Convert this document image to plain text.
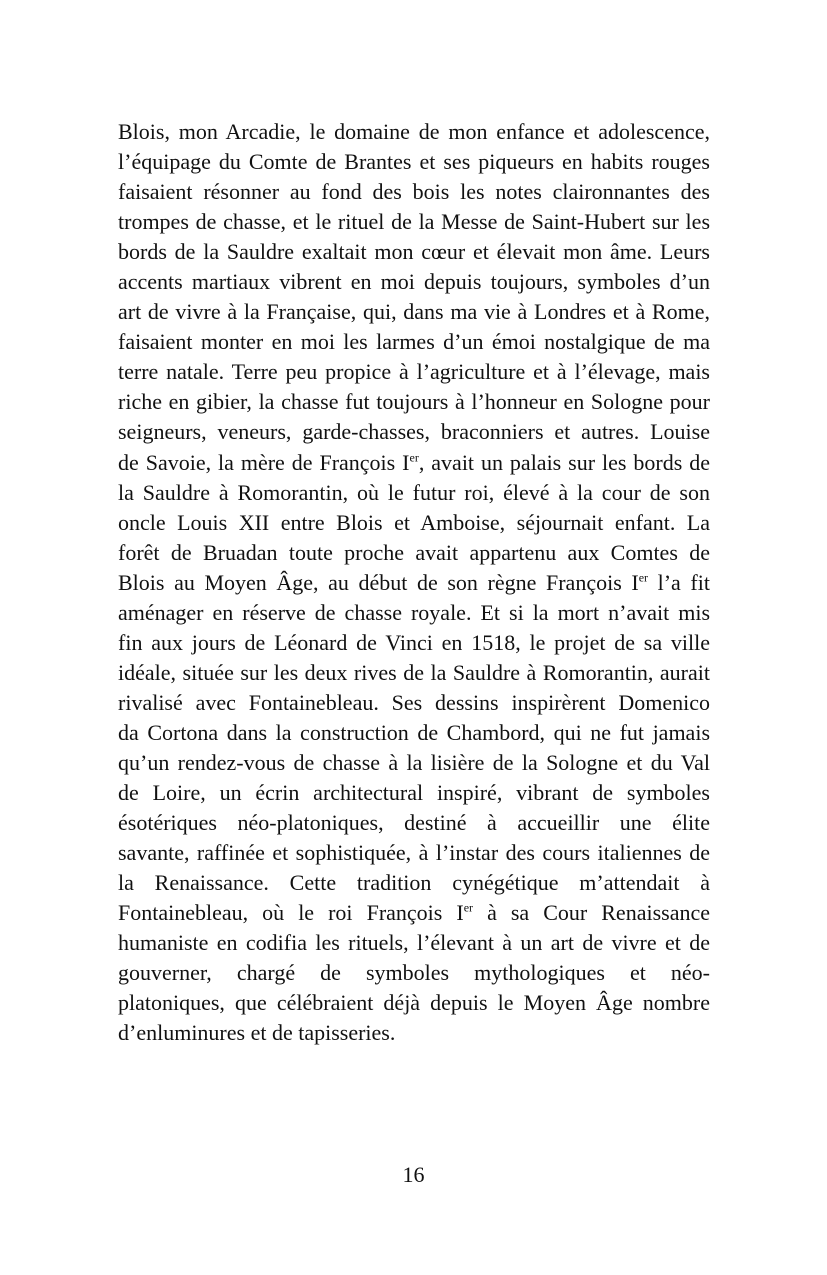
Blois, mon Arcadie, le domaine de mon enfance et adolescence,
l’équipage du Comte de Brantes et ses piqueurs en habits rouges
faisaient résonner au fond des bois les notes claironnantes des
trompes de chasse, et le rituel de la Messe de Saint-Hubert sur les
bords de la Sauldre exaltait mon cœur et élevait mon âme. Leurs
accents martiaux vibrent en moi depuis toujours, symboles d’un
art de vivre à la Française, qui, dans ma vie à Londres et à Rome,
faisaient monter en moi les larmes d’un émoi nostalgique de ma
terre natale. Terre peu propice à l’agriculture et à l’élevage, mais
riche en gibier, la chasse fut toujours à l’honneur en Sologne pour
seigneurs, veneurs, garde-chasses, braconniers et autres. Louise
de Savoie, la mère de François Ier, avait un palais sur les bords de
la Sauldre à Romorantin, où le futur roi, élevé à la cour de son
oncle Louis XII entre Blois et Amboise, séjournait enfant. La
forêt de Bruadan toute proche avait appartenu aux Comtes de
Blois au Moyen Âge, au début de son règne François Ier l’a fit
aménager en réserve de chasse royale. Et si la mort n’avait mis
fin aux jours de Léonard de Vinci en 1518, le projet de sa ville
idéale, située sur les deux rives de la Sauldre à Romorantin, aurait
rivalisé avec Fontainebleau. Ses dessins inspirèrent Domenico
da Cortona dans la construction de Chambord, qui ne fut jamais
qu’un rendez-vous de chasse à la lisière de la Sologne et du Val
de Loire, un écrin architectural inspiré, vibrant de symboles
ésotériques néo-platoniques, destiné à accueillir une élite
savante, raffinée et sophistiquée, à l’instar des cours italiennes de
la Renaissance. Cette tradition cynégétique m’attendait à
Fontainebleau, où le roi François Ier à sa Cour Renaissance
humaniste en codifia les rituels, l’élevant à un art de vivre et de
gouverner, chargé de symboles mythologiques et néo-
platoniques, que célébraient déjà depuis le Moyen Âge nombre
d’enluminures et de tapisseries.
16
